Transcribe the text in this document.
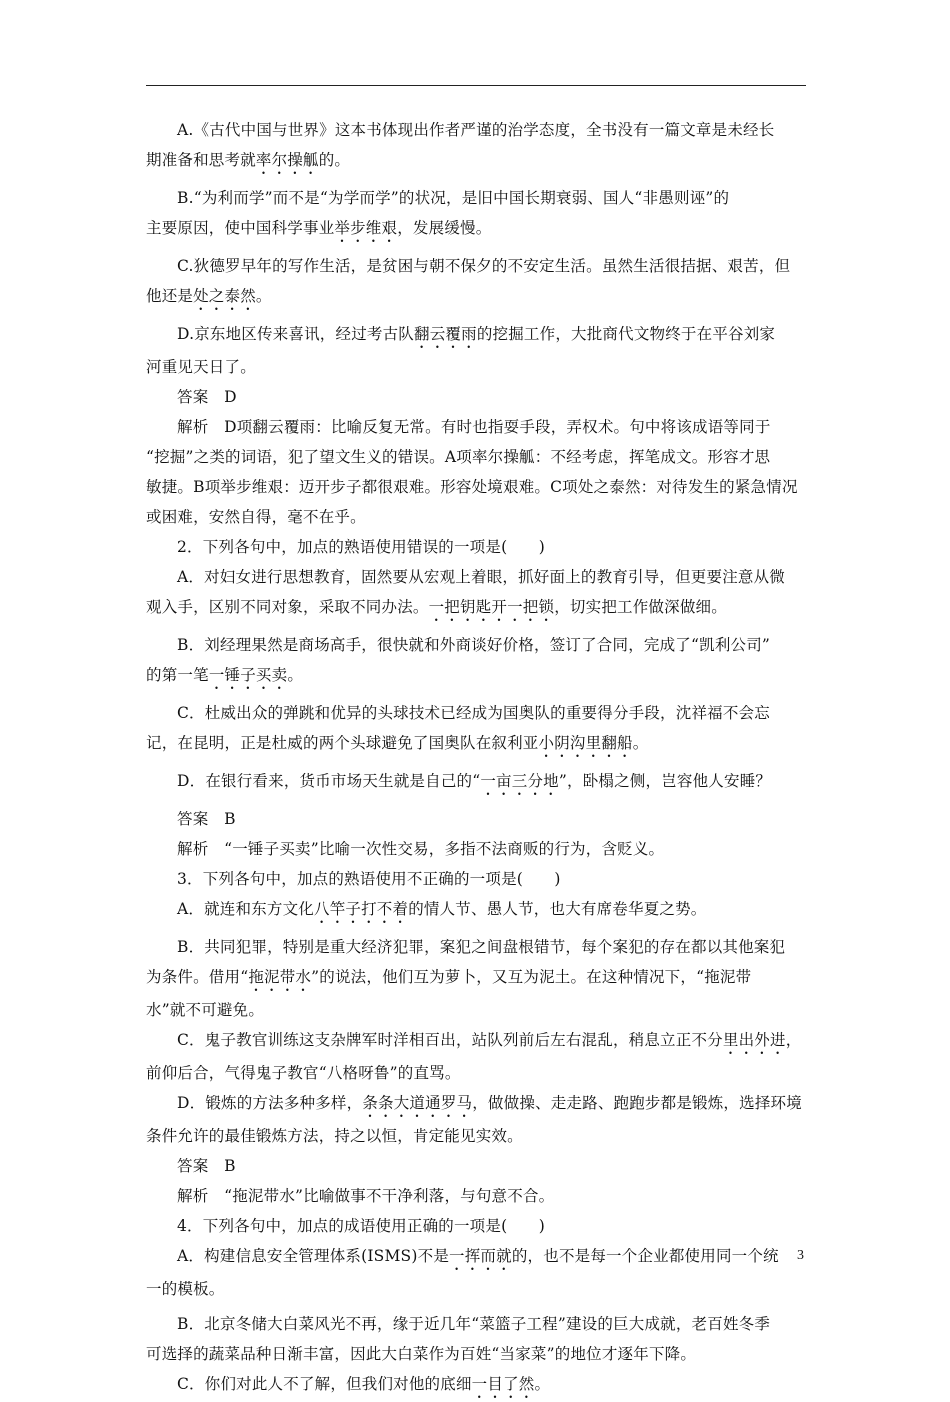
A.《古代中国与世界》这本书体现出作者严谨的治学态度，全书没有一篇文章是未经长
期准备和思考就率尔操觚的。
B.“为利而学”而不是“为学而学”的状况，是旧中国长期衰弱、国人“非愚则诬”的
主要原因，使中国科学事业举步维艰，发展缓慢。
C.狄德罗早年的写作生活，是贫困与朝不保夕的不安定生活。虽然生活很拮据、艰苦，但
他还是处之泰然。
D.京东地区传来喜讯，经过考古队翻云覆雨的挖掘工作，大批商代文物终于在平谷刘家
河重见天日了。
答案　D
解析　D项翻云覆雨：比喻反复无常。有时也指耍手段，弄权术。句中将该成语等同于
“挖掘”之类的词语，犯了望文生义的错误。A项率尔操觚：不经考虑，挥笔成文。形容才思
敏捷。B项举步维艰：迈开步子都很艰难。形容处境艰难。C项处之泰然：对待发生的紧急情况
或困难，安然自得，毫不在乎。
2．下列各句中，加点的熟语使用错误的一项是(　　)
A．对妇女进行思想教育，固然要从宏观上着眼，抓好面上的教育引导，但更要注意从微
观入手，区别不同对象，采取不同办法。一把钥匙开一把锁，切实把工作做深做细。
B．刘经理果然是商场高手，很快就和外商谈好价格，签订了合同，完成了“凯利公司”
的第一笔一锤子买卖。
C．杜威出众的弹跳和优异的头球技术已经成为国奥队的重要得分手段，沈祥福不会忘
记，在昆明，正是杜威的两个头球避免了国奥队在叙利亚小阴沟里翻船。
D．在银行看来，货币市场天生就是自己的“一亩三分地”，卧榻之侧，岂容他人安睡？
答案　B
解析　“一锤子买卖”比喻一次性交易，多指不法商贩的行为，含贬义。
3．下列各句中，加点的熟语使用不正确的一项是(　　)
A．就连和东方文化八竿子打不着的情人节、愚人节，也大有席卷华夏之势。
B．共同犯罪，特别是重大经济犯罪，案犯之间盘根错节，每个案犯的存在都以其他案犯
为条件。借用“拖泥带水”的说法，他们互为萝卜，又互为泥土。在这种情况下，“拖泥带
水”就不可避免。
C．鬼子教官训练这支杂牌军时洋相百出，站队列前后左右混乱，稍息立正不分里出外进，
前仰后合，气得鬼子教官“八格呀鲁”的直骂。
D．锻炼的方法多种多样，条条大道通罗马，做做操、走走路、跑跑步都是锻炼，选择环境
条件允许的最佳锻炼方法，持之以恒，肯定能见实效。
答案　B
解析　“拖泥带水”比喻做事不干净利落，与句意不合。
4．下列各句中，加点的成语使用正确的一项是(　　)
A．构建信息安全管理体系(ISMS)不是一挥而就的，也不是每一个企业都使用同一个统
一的模板。
B．北京冬储大白菜风光不再，缘于近几年“菜篮子工程”建设的巨大成就，老百姓冬季
可选择的蔬菜品种日渐丰富，因此大白菜作为百姓“当家菜”的地位才逐年下降。
C．你们对此人不了解，但我们对他的底细一目了然。
3
